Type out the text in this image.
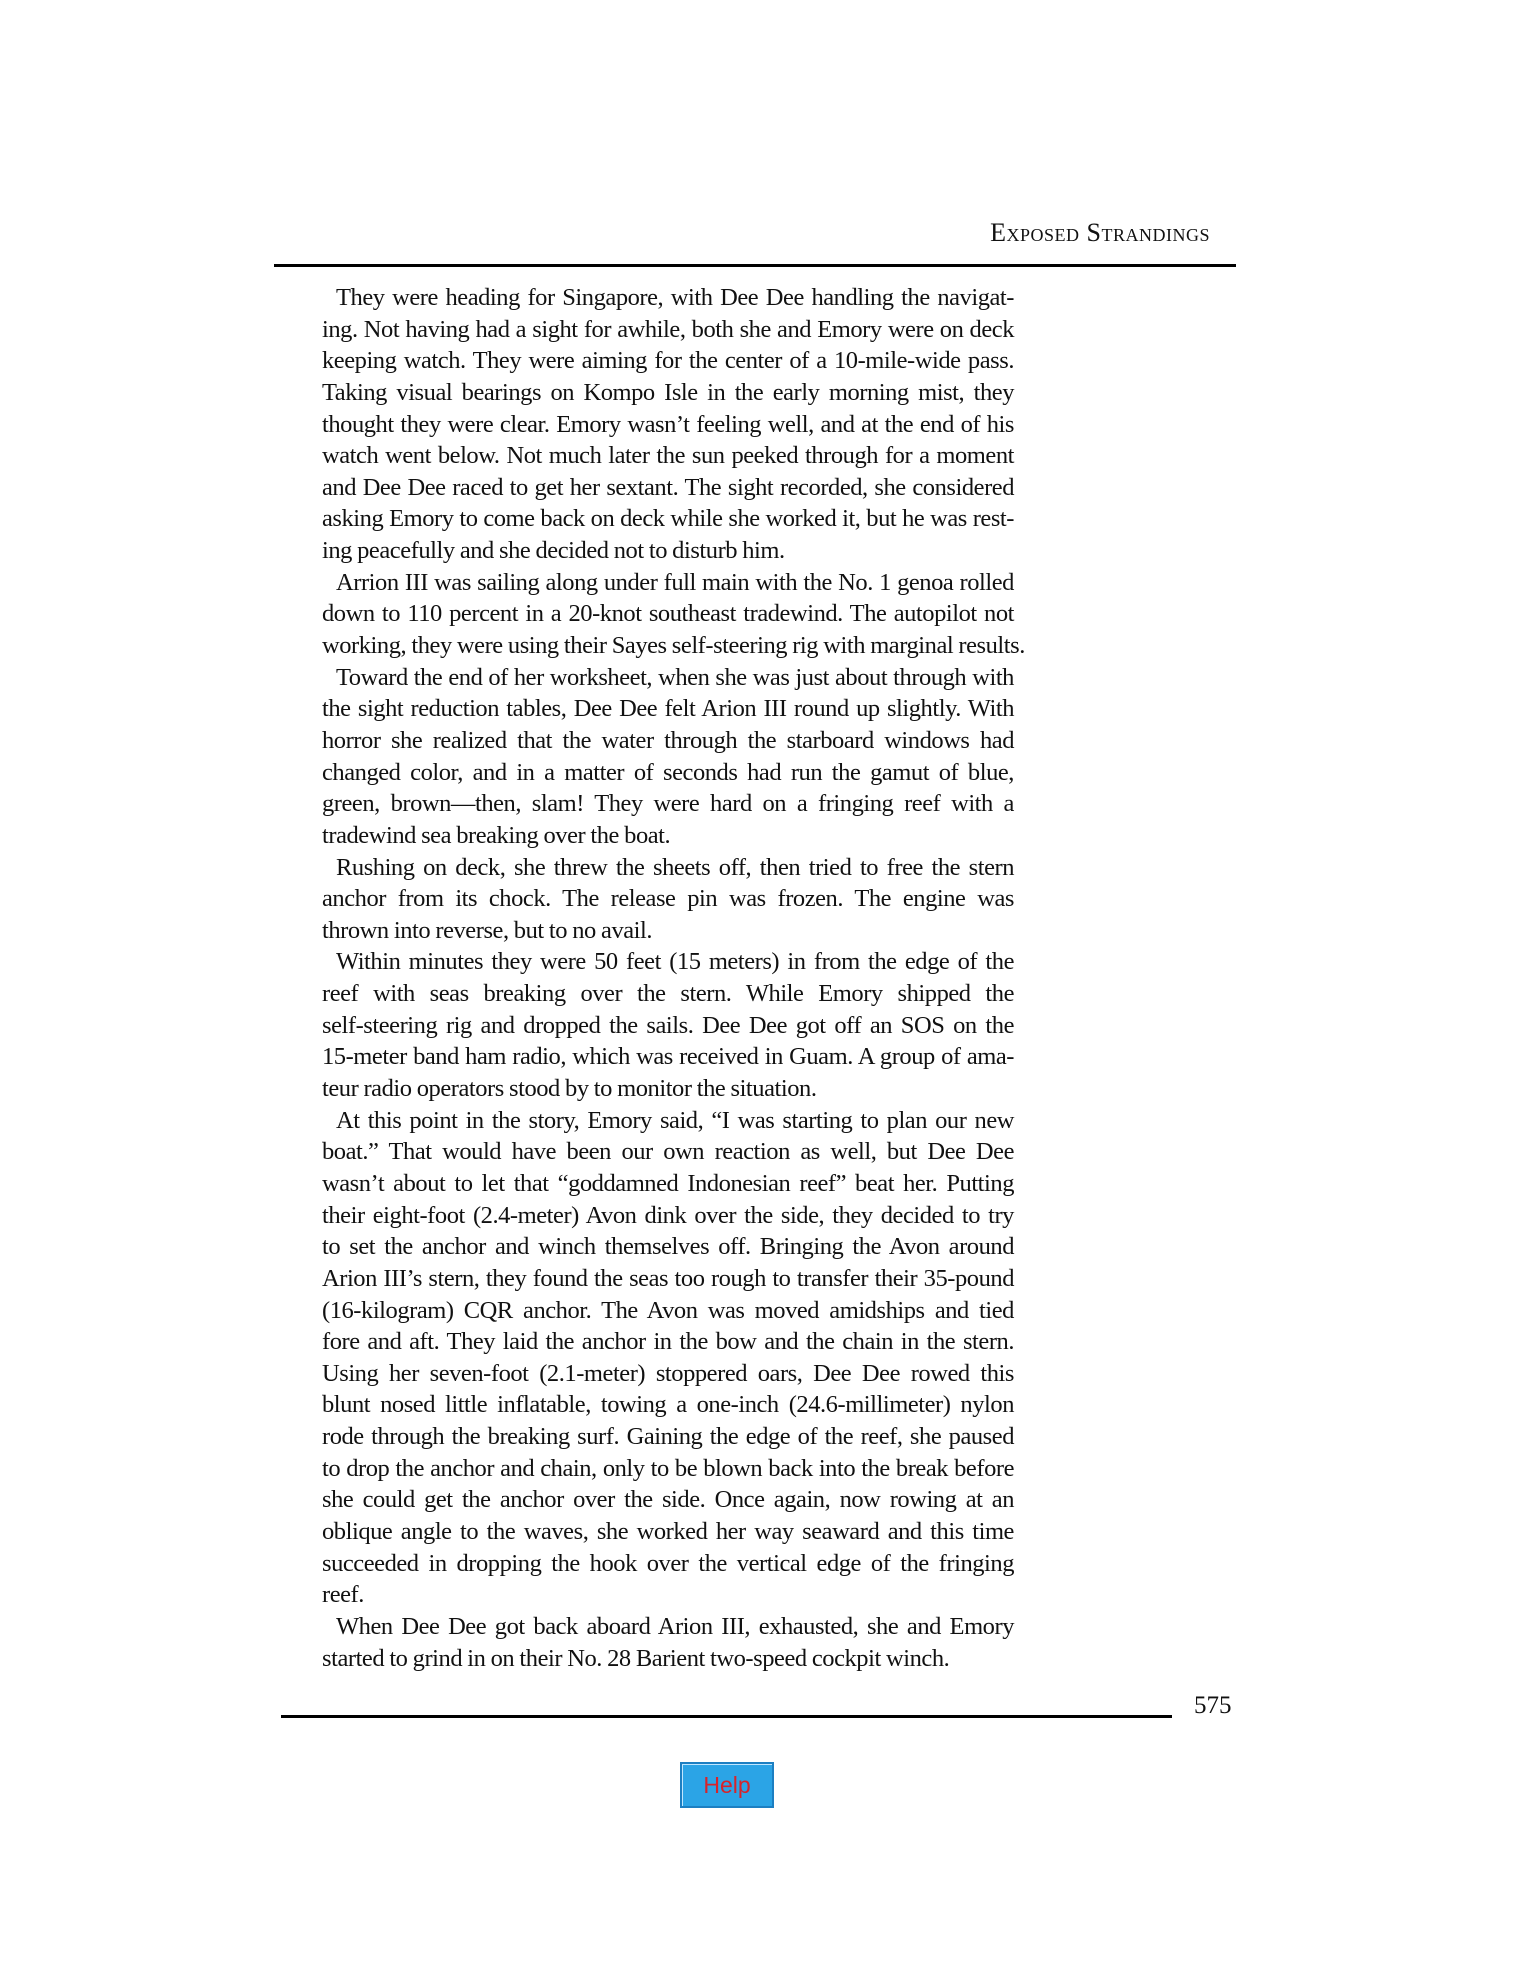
Exposed Strandings
They were heading for Singapore, with Dee Dee handling the navigat-
ing. Not having had a sight for awhile, both she and Emory were on deck
keeping watch. They were aiming for the center of a 10-mile-wide pass.
Taking visual bearings on Kompo Isle in the early morning mist, they
thought they were clear. Emory wasn’t feeling well, and at the end of his
watch went below. Not much later the sun peeked through for a moment
and Dee Dee raced to get her sextant. The sight recorded, she considered
asking Emory to come back on deck while she worked it, but he was rest-
ing peacefully and she decided not to disturb him.
Arrion III was sailing along under full main with the No. 1 genoa rolled
down to 110 percent in a 20-knot southeast tradewind. The autopilot not
working, they were using their Sayes self-steering rig with marginal results.
Toward the end of her worksheet, when she was just about through with
the sight reduction tables, Dee Dee felt Arion III round up slightly. With
horror she realized that the water through the starboard windows had
changed color, and in a matter of seconds had run the gamut of blue,
green, brown—then, slam! They were hard on a fringing reef with a
tradewind sea breaking over the boat.
Rushing on deck, she threw the sheets off, then tried to free the stern
anchor from its chock. The release pin was frozen. The engine was
thrown into reverse, but to no avail.
Within minutes they were 50 feet (15 meters) in from the edge of the
reef with seas breaking over the stern. While Emory shipped the
self-steering rig and dropped the sails. Dee Dee got off an SOS on the
15-meter band ham radio, which was received in Guam. A group of ama-
teur radio operators stood by to monitor the situation.
At this point in the story, Emory said, “I was starting to plan our new
boat.” That would have been our own reaction as well, but Dee Dee
wasn’t about to let that “goddamned Indonesian reef” beat her. Putting
their eight-foot (2.4-meter) Avon dink over the side, they decided to try
to set the anchor and winch themselves off. Bringing the Avon around
Arion III’s stern, they found the seas too rough to transfer their 35-pound
(16-kilogram) CQR anchor. The Avon was moved amidships and tied
fore and aft. They laid the anchor in the bow and the chain in the stern.
Using her seven-foot (2.1-meter) stoppered oars, Dee Dee rowed this
blunt nosed little inflatable, towing a one-inch (24.6-millimeter) nylon
rode through the breaking surf. Gaining the edge of the reef, she paused
to drop the anchor and chain, only to be blown back into the break before
she could get the anchor over the side. Once again, now rowing at an
oblique angle to the waves, she worked her way seaward and this time
succeeded in dropping the hook over the vertical edge of the fringing
reef.
When Dee Dee got back aboard Arion III, exhausted, she and Emory
started to grind in on their No. 28 Barient two-speed cockpit winch.
575
Help
